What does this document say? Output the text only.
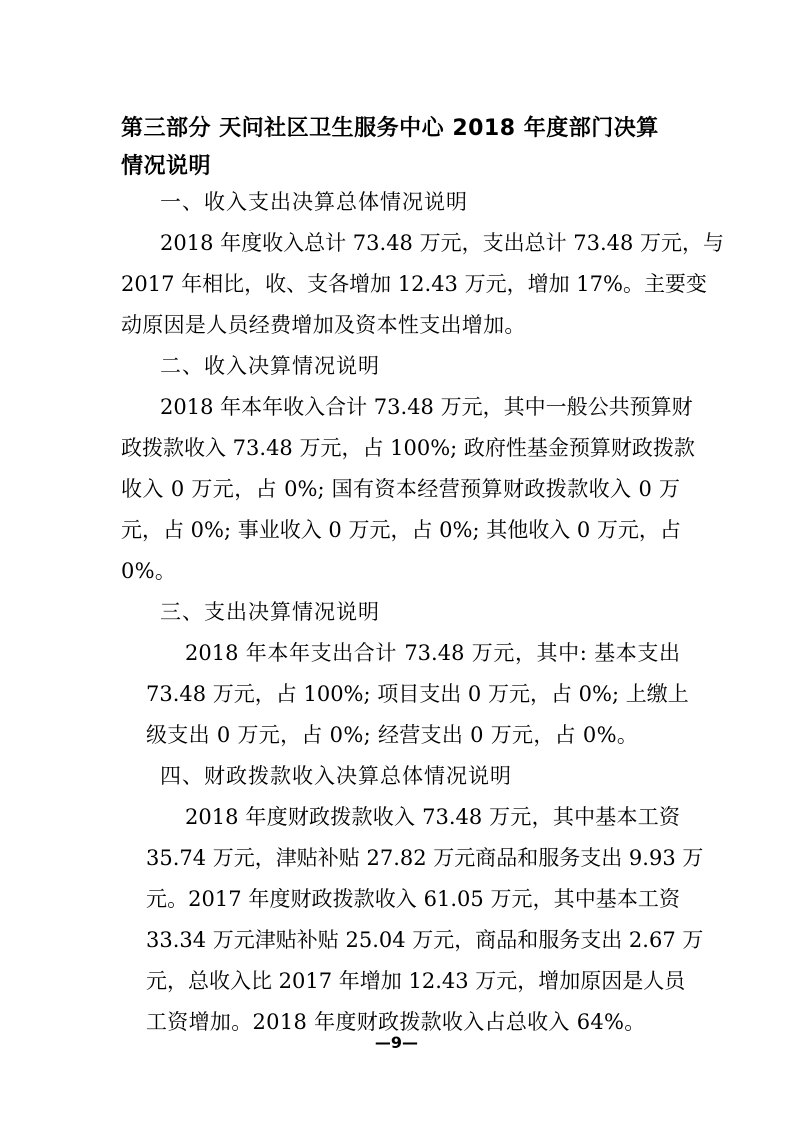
第三部分 天问社区卫生服务中心 2018 年度部门决算情况说明
一、收入支出决算总体情况说明
2018 年度收入总计 73.48 万元，支出总计 73.48 万元，与
2017 年相比，收、支各增加 12.43 万元，增加 17%。主要变
动原因是人员经费增加及资本性支出增加。
二、收入决算情况说明
2018 年本年收入合计 73.48 万元，其中一般公共预算财
政拨款收入 73.48 万元，占 100%; 政府性基金预算财政拨款
收入 0 万元，占 0%; 国有资本经营预算财政拨款收入 0 万
元，占 0%; 事业收入 0 万元，占 0%; 其他收入 0 万元，占
0%。
三、支出决算情况说明
2018 年本年支出合计 73.48 万元，其中: 基本支出
73.48 万元，占 100%; 项目支出 0 万元，占 0%; 上缴上
级支出 0 万元，占 0%; 经营支出 0 万元，占 0%。
四、财政拨款收入决算总体情况说明
2018 年度财政拨款收入 73.48 万元，其中基本工资
35.74 万元，津贴补贴 27.82 万元商品和服务支出 9.93 万
元。2017 年度财政拨款收入 61.05 万元，其中基本工资
33.34 万元津贴补贴 25.04 万元，商品和服务支出 2.67 万
元，总收入比 2017 年增加 12.43 万元，增加原因是人员
工资增加。2018 年度财政拨款收入占总收入 64%。
—9—
